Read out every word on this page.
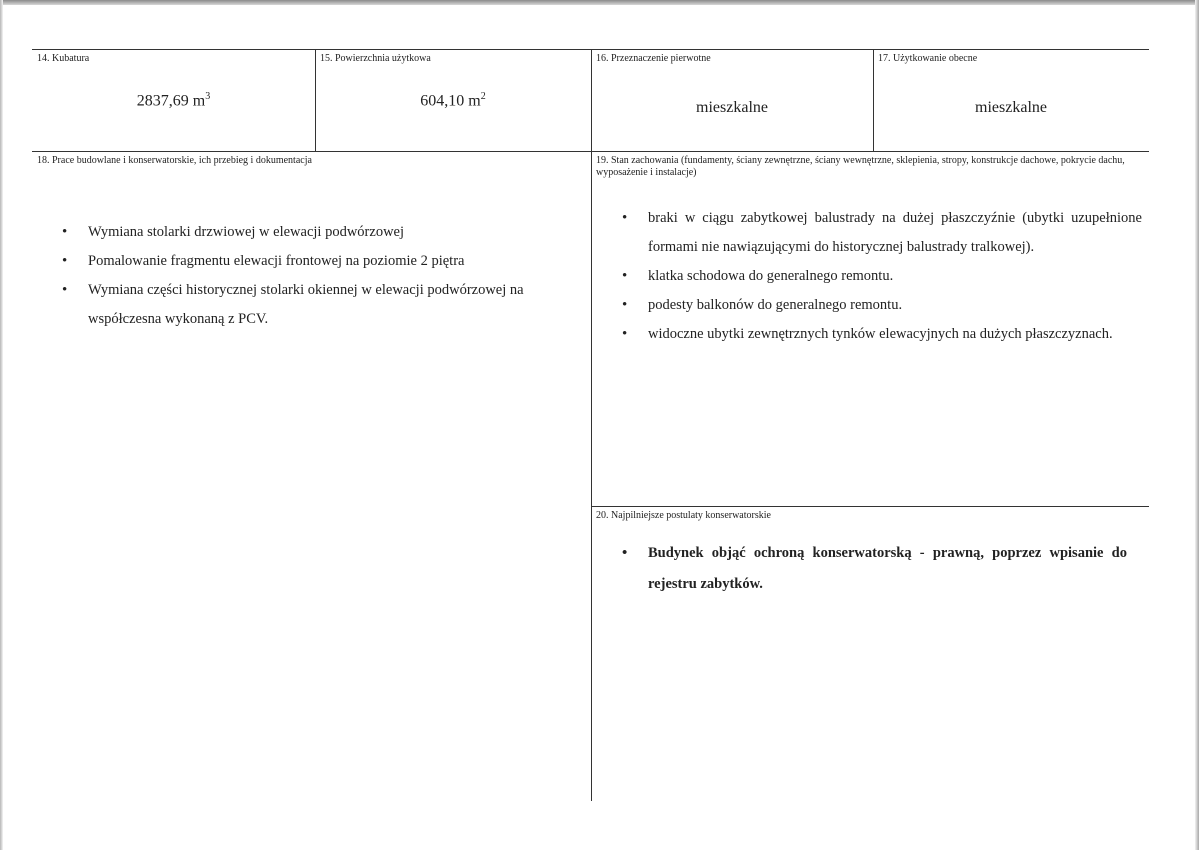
14. Kubatura
2837,69 $m^3$
15. Powierzchnia użytkowa
604,10 $m^2$
16. Przeznaczenie pierwotne
mieszkalne
17. Użytkowanie obecne
mieszkalne
18. Prace budowlane i konserwatorskie, ich przebieg i dokumentacja
• Wymiana stolarki drzwiowej w elewacji podwórzowej
• Pomalowanie fragmentu elewacji frontowej na poziomie 2 piętra
• Wymiana części historycznej stolarki okiennej w elewacji podwórzowej na współczesna wykonaną z PCV.
19. Stan zachowania (fundamenty, ściany zewnętrzne, ściany wewnętrzne, sklepienia, stropy, konstrukcje dachowe, pokrycie dachu, wyposażenie i instalacje)
• braki w ciągu zabytkowej balustrady na dużej płaszczyźnie (ubytki uzupełnione formami nie nawiązującymi do historycznej balustrady tralkowej).
• klatka schodowa do generalnego remontu.
• podesty balkonów do generalnego remontu.
• widoczne ubytki zewnętrznych tynków elewacyjnych na dużych płaszczyznach.
20. Najpilniejsze postulaty konserwatorskie
• Budynek objąć ochroną konserwatorską - prawną, poprzez wpisanie do rejestru zabytków.
